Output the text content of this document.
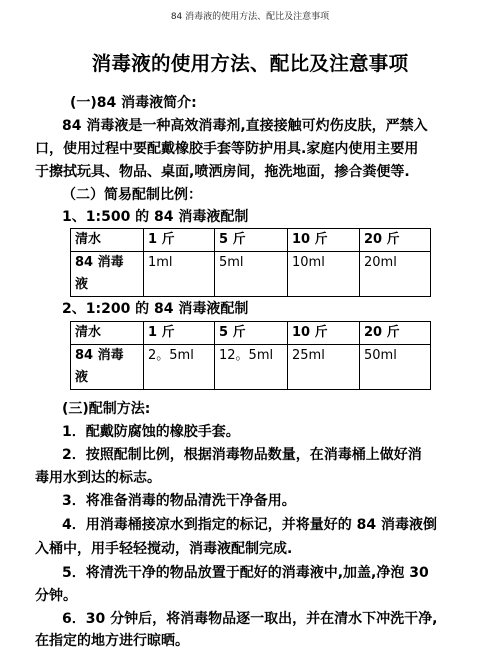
84 消毒液的使用方法、配比及注意事项
消毒液的使用方法、配比及注意事项
(一)84 消毒液简介:
84 消毒液是一种高效消毒剂,直接接触可灼伤皮肤，严禁入
口，使用过程中要配戴橡胶手套等防护用具.家庭内使用主要用
于擦拭玩具、物品、桌面,喷洒房间，拖洗地面，掺合粪便等.
（二）简易配制比例：
1、1:500 的 84 消毒液配制
清水	1 斤	5 斤	10 斤	20 斤

84 消毒
液	1ml	5ml	10ml	20ml
2、1:200 的 84 消毒液配制
清水	1 斤	5 斤	10 斤	20 斤

84 消毒
液	2。5ml	12。5ml	25ml	50ml
(三)配制方法:
1．配戴防腐蚀的橡胶手套。
2．按照配制比例，根据消毒物品数量，在消毒桶上做好消
毒用水到达的标志。
3．将准备消毒的物品清洗干净备用。
4．用消毒桶接凉水到指定的标记，并将量好的 84 消毒液倒
入桶中，用手轻轻搅动，消毒液配制完成.
5．将清洗干净的物品放置于配好的消毒液中,加盖,净泡 30
分钟。
6．30 分钟后，将消毒物品逐一取出，并在清水下冲洗干净,
在指定的地方进行晾晒。
